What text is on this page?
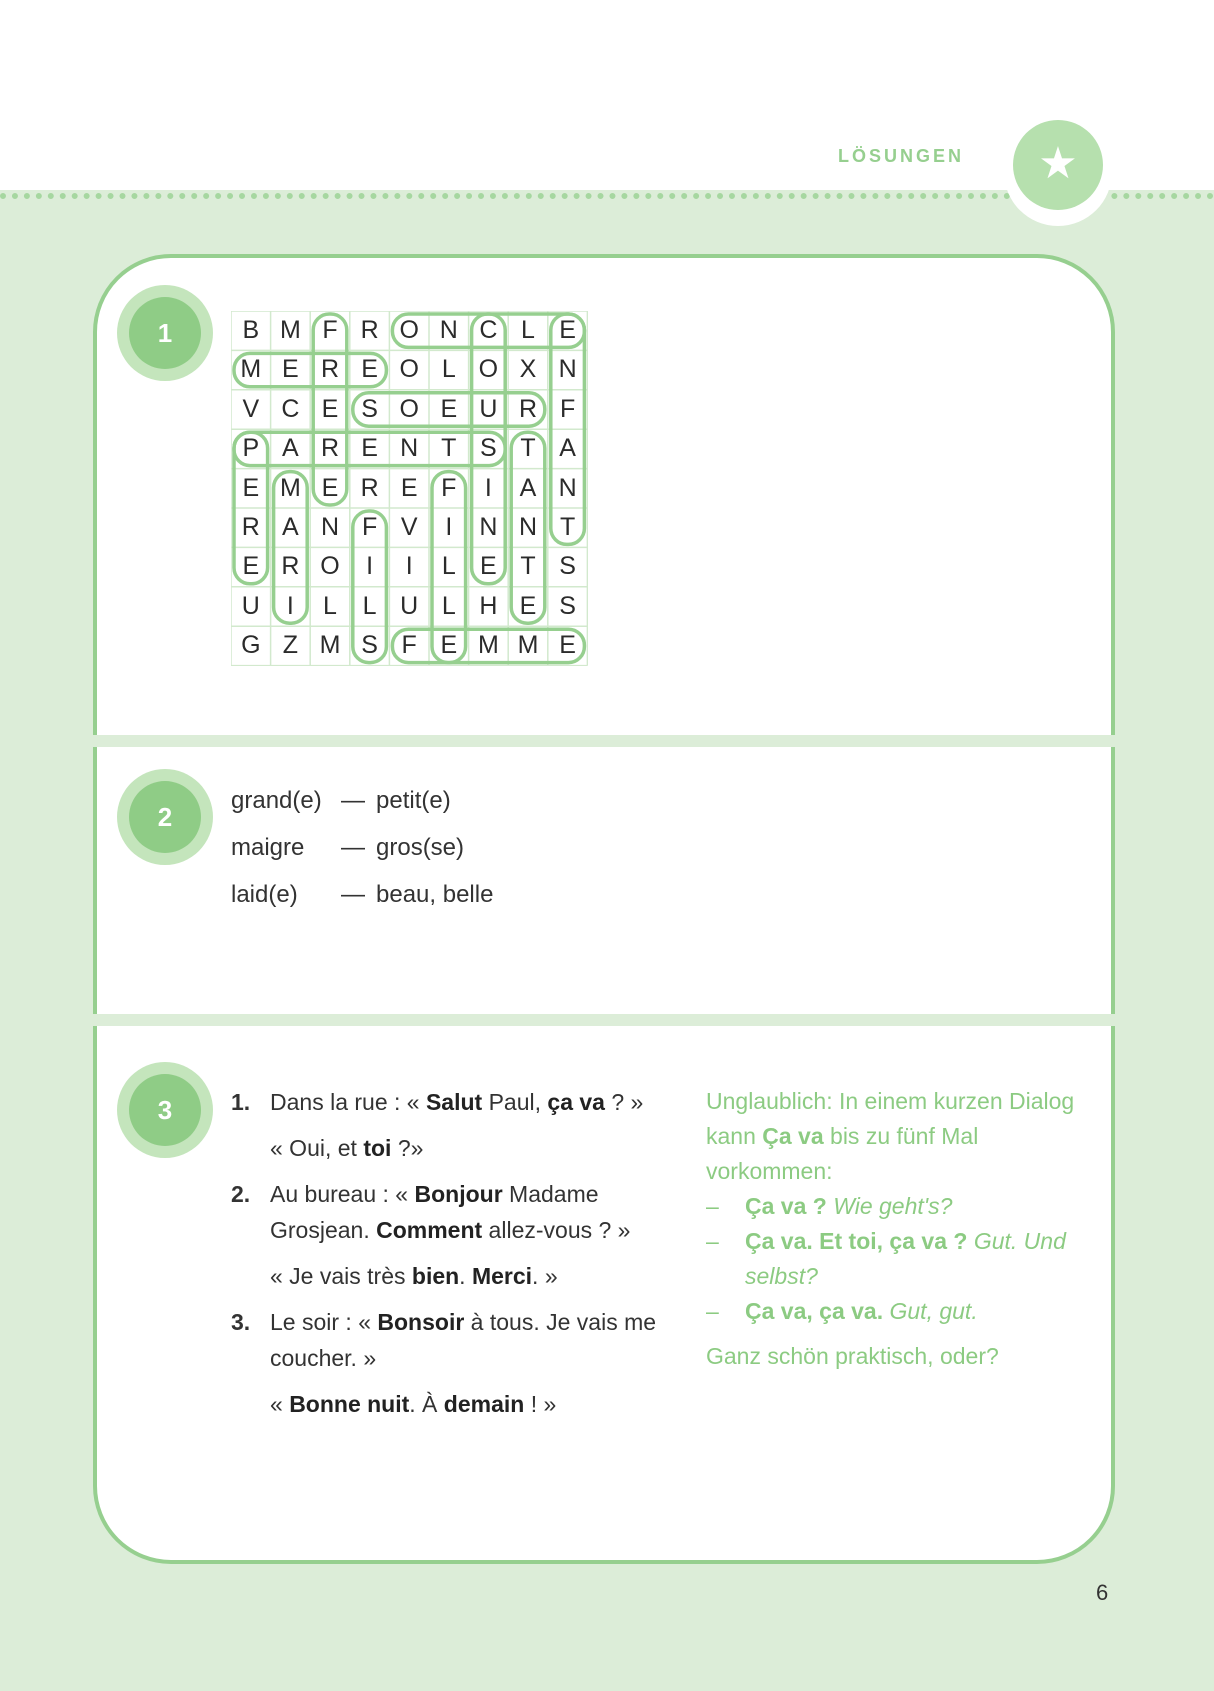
LÖSUNGEN	★
1	B M F R O N C L E
M E R E O L O X N
V C E S O E U R F
P A R E N T S T A
E M E R E F	I	A N
R A N F V	I	N N T
E R O	I	I	L E T S
U	I	L	L U L H E S
G Z M S F E M M E
2
grand(e) — petit(e)
maigre	— gros(se)
laid(e)	— beau, belle
3	1. Dans la rue : « Salut Paul, ça va ? »
« Oui, et toi ?»
2. Au bureau : « Bonjour Madame Grosjean. Comment allez-vous ? »
« Je vais très bien. Merci. »
3. Le soir : « Bonsoir à tous. Je vais me coucher. »
« Bonne nuit. À demain ! »
Unglaublich: In einem kurzen Dialog kann Ça va bis zu fünf Mal vorkommen:
– Ça va ? Wie geht's?
– Ça va. Et toi, ça va ? Gut. Und selbst?
– Ça va, ça va. Gut, gut.
Ganz schön praktisch, oder?
6
